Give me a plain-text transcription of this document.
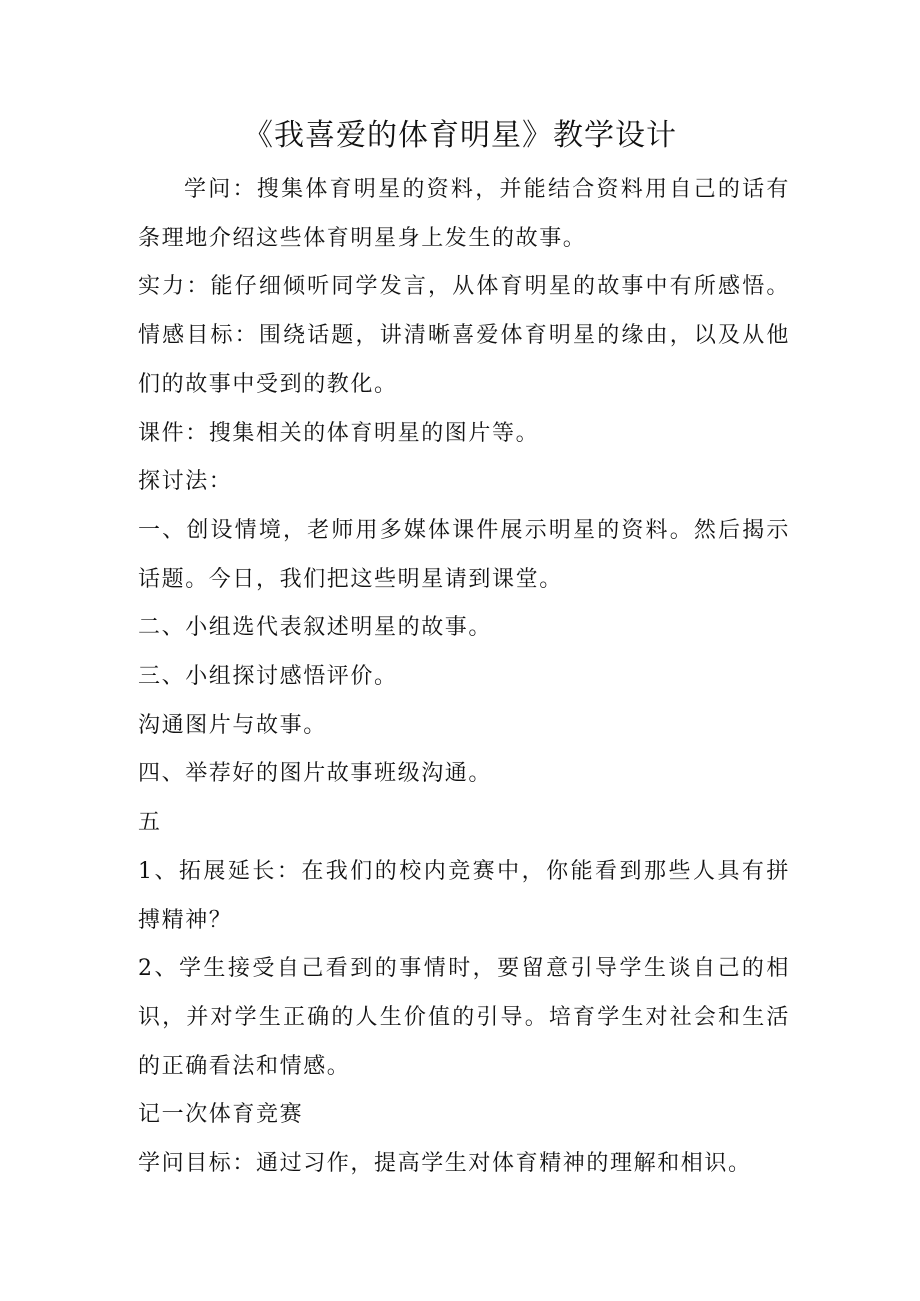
《我喜爱的体育明星》教学设计

学问：搜集体育明星的资料，并能结合资料用自己的话有条理地介绍这些体育明星身上发生的故事。

实力：能仔细倾听同学发言，从体育明星的故事中有所感悟。情感目标：围绕话题，讲清晰喜爱体育明星的缘由，以及从他们的故事中受到的教化。

课件：搜集相关的体育明星的图片等。

探讨法：

一、创设情境，老师用多媒体课件展示明星的资料。然后揭示话题。今日，我们把这些明星请到课堂。

二、小组选代表叙述明星的故事。

三、小组探讨感悟评价。

沟通图片与故事。

四、举荐好的图片故事班级沟通。

五

1、拓展延长：在我们的校内竞赛中，你能看到那些人具有拼搏精神？

2、学生接受自己看到的事情时，要留意引导学生谈自己的相识，并对学生正确的人生价值的引导。培育学生对社会和生活的正确看法和情感。

记一次体育竞赛

学问目标：通过习作，提高学生对体育精神的理解和相识。
